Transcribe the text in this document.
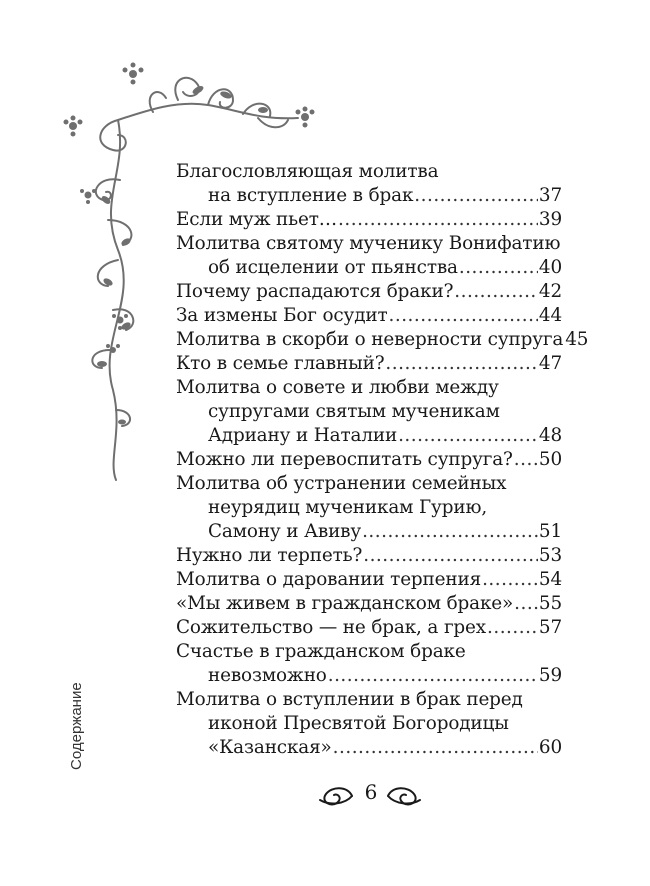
Благословляющая молитва
на вступление в брак .....	37
Если муж пьет… .....	39
Молитва святому мученику Вонифатию
об исцелении от пьянства .....	40
Почему распадаются браки? .....	42
За измены Бог осудит .....	44
Молитва в скорби о неверности супруга 45
Кто в семье главный? .....	47
Молитва о совете и любви между
супругами святым мученикам
Адриану и Наталии .....	48
Можно ли перевоспитать супруга? ..... 50
Молитва об устранении семейных
неурядиц мученикам Гурию,
Самону и Авиву .....	51
Нужно ли терпеть? .....	53
Молитва о даровании терпения .....	54
«Мы живем в гражданском браке» ..... 55
Сожительство — не брак, а грех .....	57
Счастье в гражданском браке
невозможно .....	59
Молитва о вступлении в брак перед
иконой Пресвятой Богородицы
«Казанская» .....	60
Содержание
6
